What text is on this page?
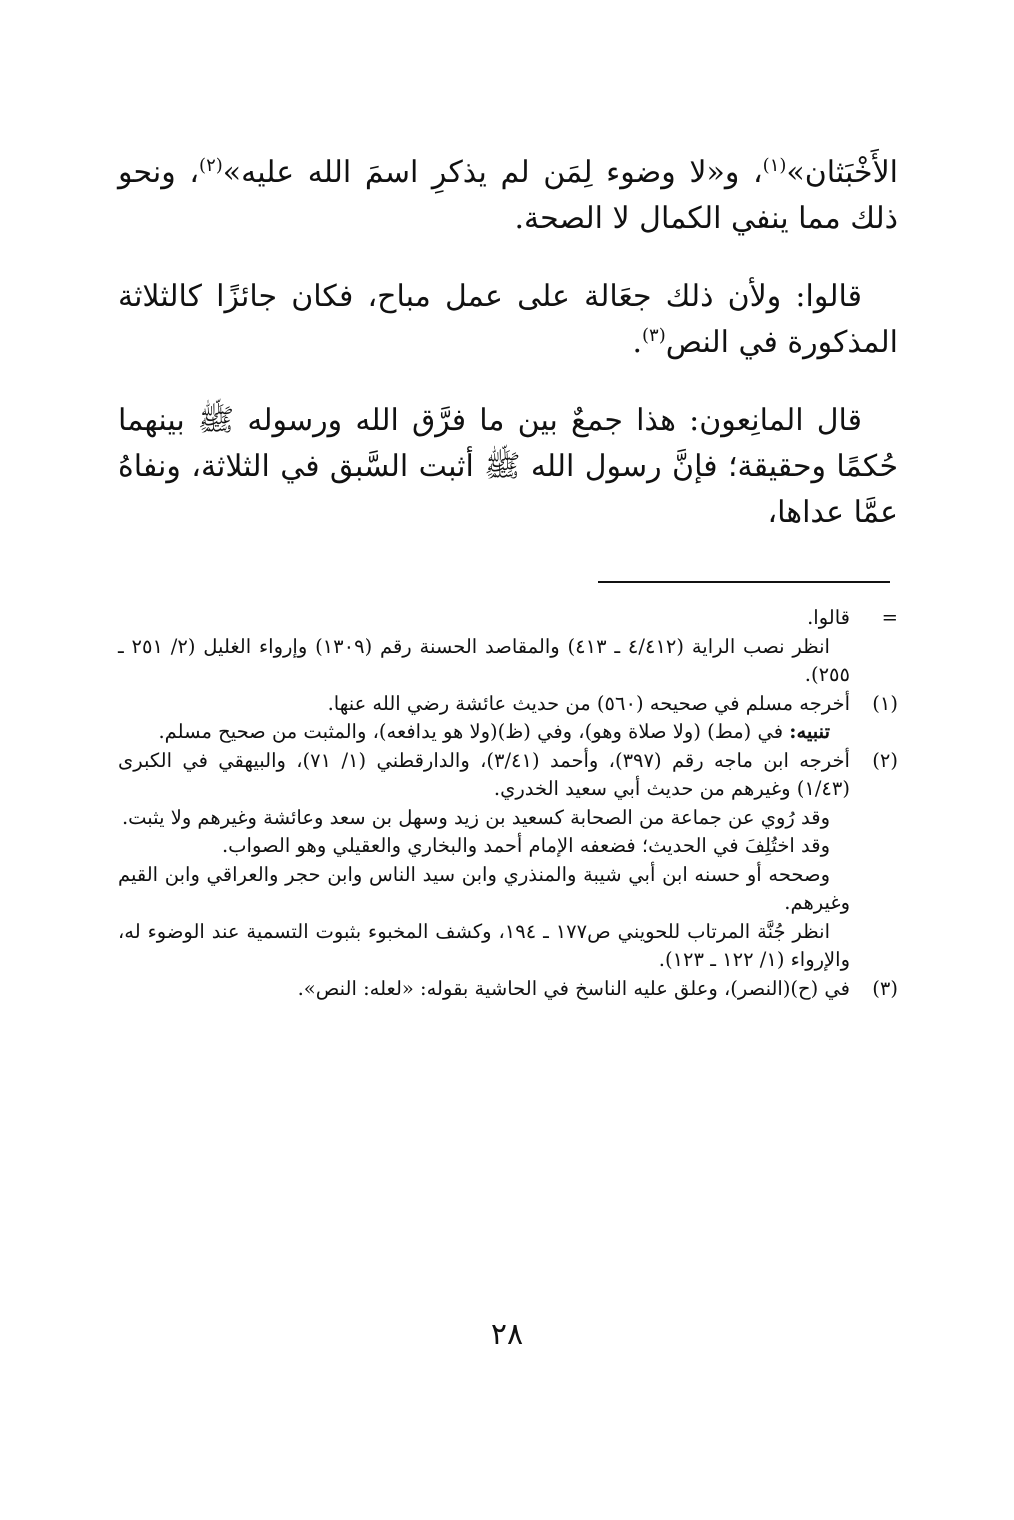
الأَخْبَثان»$^{(١)}$، و«لا وضوء لِمَن لم يذكرِ اسمَ الله عليه»$^{(٢)}$، ونحو ذلك مما ينفي الكمال لا الصحة.

قالوا: ولأن ذلك جعَالة على عمل مباح، فكان جائزًا كالثلاثة المذكورة في النص$^{(٣)}$.

قال المانِعون: هذا جمعٌ بين ما فرَّق الله ورسوله ﷺ بينهما حُكمًا وحقيقة؛ فإنَّ رسول الله ﷺ أثبت السَّبق في الثلاثة، ونفاهُ عمَّا عداها،

=

قالوا.

انظر نصب الراية (٤/٤١٢ ـ ٤١٣) والمقاصد الحسنة رقم (١٣٠٩) وإرواء الغليل (٢/ ٢٥١ ـ ٢٥٥).

(١)

أخرجه مسلم في صحيحه (٥٦٠) من حديث عائشة رضي الله عنها.

تنبيه: في (مط) (ولا صلاة وهو)، وفي (ظ)(ولا هو يدافعه)، والمثبت من صحيح مسلم.

(٢)

أخرجه ابن ماجه رقم (٣٩٧)، وأحمد (٣/٤١)، والدارقطني (١/ ٧١)، والبيهقي في الكبرى (١/٤٣) وغيرهم من حديث أبي سعيد الخدري.

وقد رُوي عن جماعة من الصحابة كسعيد بن زيد وسهل بن سعد وعائشة وغيرهم ولا يثبت.

وقد اختُلِفَ في الحديث؛ فضعفه الإمام أحمد والبخاري والعقيلي وهو الصواب.

وصححه أو حسنه ابن أبي شيبة والمنذري وابن سيد الناس وابن حجر والعراقي وابن القيم وغيرهم.

انظر جُنَّة المرتاب للحويني ص١٧٧ ـ ١٩٤، وكشف المخبوء بثبوت التسمية عند الوضوء له، والإرواء (١/ ١٢٢ ـ ١٢٣).

(٣)

في (ح)(النصر)، وعلق عليه الناسخ في الحاشية بقوله: «لعله: النص».

٢٨
